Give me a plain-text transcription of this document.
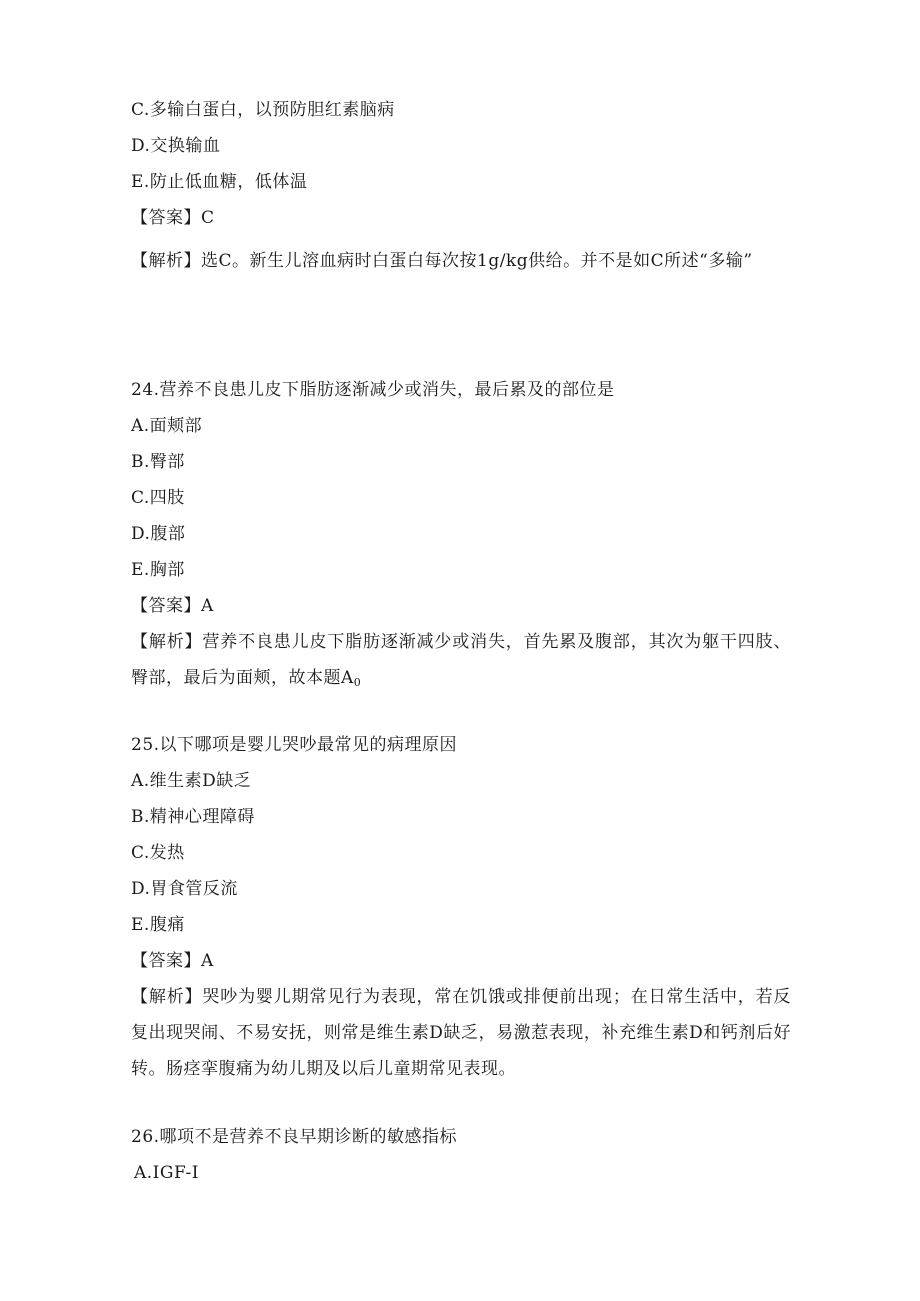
C.多输白蛋白，以预防胆红素脑病
D.交换输血
E.防止低血糖，低体温
【答案】C
【解析】选C。新生儿溶血病时白蛋白每次按1g/kg供给。并不是如C所述“多输”
24.营养不良患儿皮下脂肪逐渐减少或消失，最后累及的部位是
A.面颊部
B.臀部
C.四肢
D.腹部
E.胸部
【答案】A
【解析】营养不良患儿皮下脂肪逐渐减少或消失，首先累及腹部，其次为躯干四肢、臀部，最后为面颊，故本题$A_0$
25.以下哪项是婴儿哭吵最常见的病理原因
A.维生素D缺乏
B.精神心理障碍
C.发热
D.胃食管反流
E.腹痛
【答案】A
【解析】哭吵为婴儿期常见行为表现，常在饥饿或排便前出现；在日常生活中，若反复出现哭闹、不易安抚，则常是维生素D缺乏，易激惹表现，补充维生素D和钙剂后好转。肠痉挛腹痛为幼儿期及以后儿童期常见表现。
26.哪项不是营养不良早期诊断的敏感指标
A.IGF-I
